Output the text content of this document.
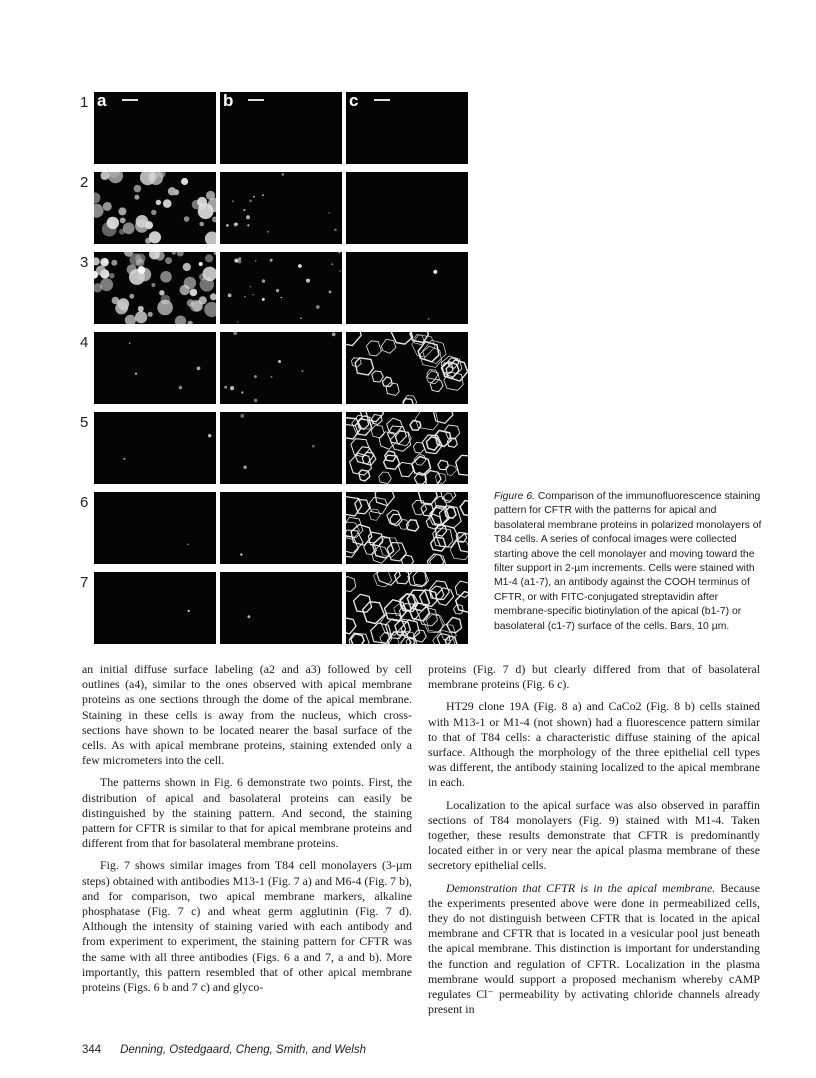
1 a	b	c
2
3
4
5
6
7
Figure 6. Comparison of the immunofluorescence staining pattern for CFTR with the patterns for apical and basolateral membrane proteins in polarized monolayers of T84 cells. A series of confocal images were collected starting above the cell monolayer and moving toward the filter support in 2-µm increments. Cells were stained with M1-4 (a1-7), an antibody against the COOH terminus of CFTR, or with FITC-conjugated streptavidin after membrane-specific biotinylation of the apical (b1-7) or basolateral (c1-7) surface of the cells. Bars, 10 µm.

an initial diffuse surface labeling (a2 and a3) followed by cell outlines (a4), similar to the ones observed with apical membrane proteins as one sections through the dome of the apical membrane. Staining in these cells is away from the nucleus, which cross-sections have shown to be located nearer the basal surface of the cells. As with apical membrane proteins, staining extended only a few micrometers into the cell.

The patterns shown in Fig. 6 demonstrate two points. First, the distribution of apical and basolateral proteins can easily be distinguished by the staining pattern. And second, the staining pattern for CFTR is similar to that for apical membrane proteins and different from that for basolateral membrane proteins.

Fig. 7 shows similar images from T84 cell monolayers (3-µm steps) obtained with antibodies M13-1 (Fig. 7 a) and M6-4 (Fig. 7 b), and for comparison, two apical membrane markers, alkaline phosphatase (Fig. 7 c) and wheat germ agglutinin (Fig. 7 d). Although the intensity of staining varied with each antibody and from experiment to experiment, the staining pattern for CFTR was the same with all three antibodies (Figs. 6 a and 7, a and b). More importantly, this pattern resembled that of other apical membrane proteins (Figs. 6 b and 7 c) and glyco-

proteins (Fig. 7 d) but clearly differed from that of basolateral membrane proteins (Fig. 6 c).

HT29 clone 19A (Fig. 8 a) and CaCo2 (Fig. 8 b) cells stained with M13-1 or M1-4 (not shown) had a fluorescence pattern similar to that of T84 cells: a characteristic diffuse staining of the apical surface. Although the morphology of the three epithelial cell types was different, the antibody staining localized to the apical membrane in each.

Localization to the apical surface was also observed in paraffin sections of T84 monolayers (Fig. 9) stained with M1-4. Taken together, these results demonstrate that CFTR is predominantly located either in or very near the apical plasma membrane of these secretory epithelial cells.

Demonstration that CFTR is in the apical membrane. Because the experiments presented above were done in permeabilized cells, they do not distinguish between CFTR that is located in the apical membrane and CFTR that is located in a vesicular pool just beneath the apical membrane. This distinction is important for understanding the function and regulation of CFTR. Localization in the plasma membrane would support a proposed mechanism whereby cAMP regulates Cl⁻ permeability by activating chloride channels already present in

344 Denning, Ostedgaard, Cheng, Smith, and Welsh
